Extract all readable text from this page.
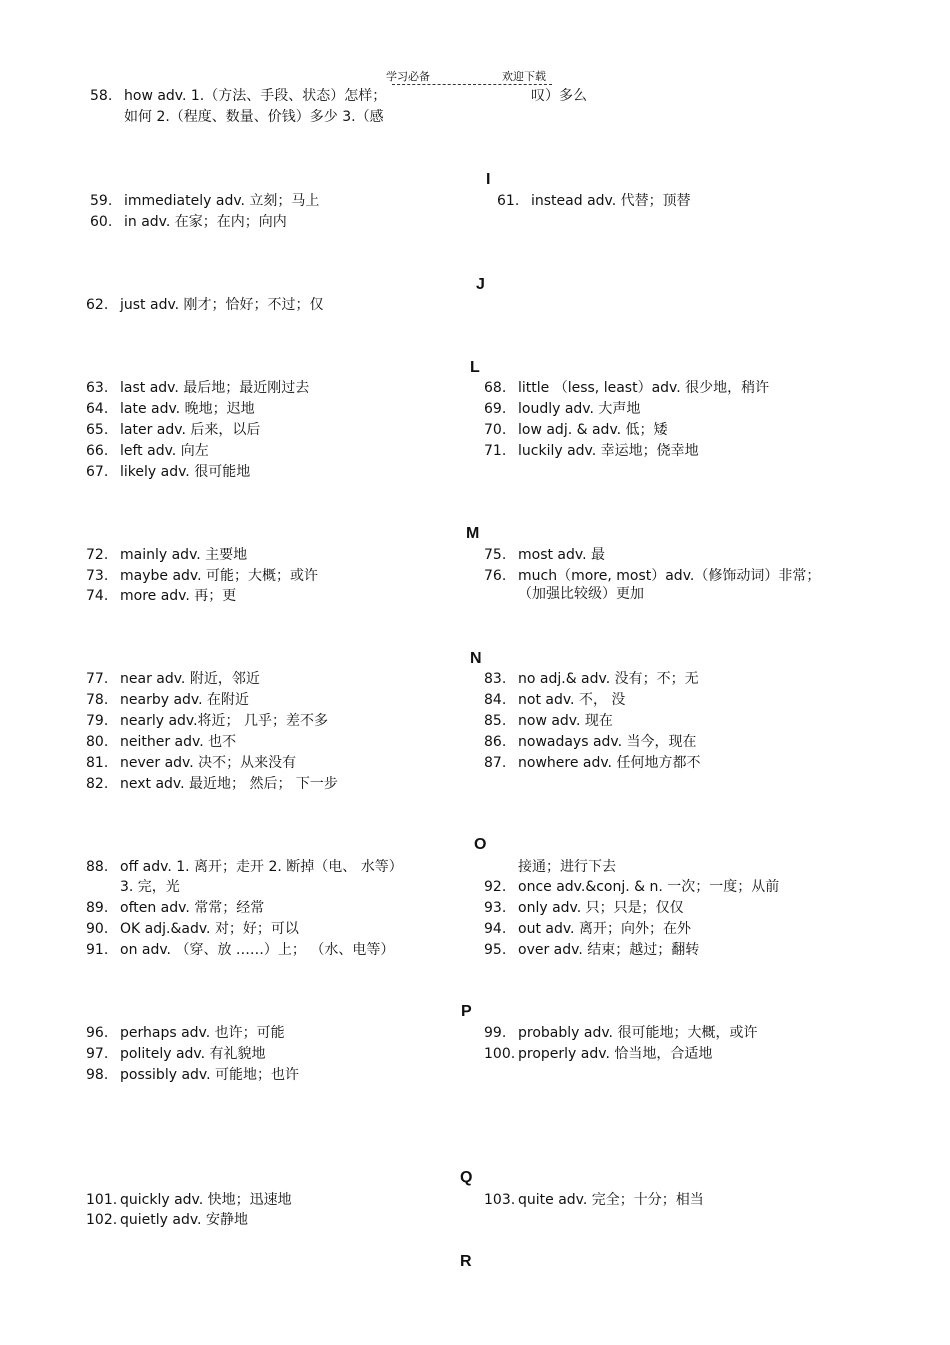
学习必备	欢迎下载
I
J
L
M
N
O
P
Q
R
58. how adv. 1.（方法、手段、状态）怎样；
如何 2.（程度、数量、价钱）多少 3.（感
叹）多么
59. immediately adv. 立刻；马上
60. in adv. 在家；在内；向内
61. instead adv. 代替；顶替
62. just adv. 刚才；恰好；不过；仅
63. last adv. 最后地；最近刚过去
64. late adv. 晚地；迟地
65. later adv. 后来，以后
66. left adv. 向左
67. likely adv. 很可能地
68. little （less, least）adv. 很少地，稍许
69. loudly adv. 大声地
70. low adj. & adv. 低；矮
71. luckily adv. 幸运地；侥幸地
72. mainly adv. 主要地
73. maybe adv. 可能；大概；或许
74. more adv. 再；更
75. most adv. 最
76. much（more, most）adv.（修饰动词）非常；
（加强比较级）更加
77. near adv. 附近，邻近
78. nearby adv. 在附近
79. nearly adv.将近； 几乎；差不多
80. neither adv. 也不
81. never adv. 决不；从来没有
82. next adv. 最近地； 然后； 下一步
83. no adj.& adv. 没有；不；无
84. not adv. 不， 没
85. now adv. 现在
86. nowadays adv. 当今，现在
87. nowhere adv. 任何地方都不
88. off adv. 1. 离开；走开 2. 断掉（电、 水等）
3. 完，光
接通；进行下去
89. often adv. 常常；经常
90. OK adj.&adv. 对；好；可以
91. on adv. （穿、放 ……）上； （水、电等）
92. once adv.&conj. & n. 一次；一度；从前
93. only adv. 只；只是；仅仅
94. out adv. 离开；向外；在外
95. over adv. 结束；越过；翻转
96. perhaps adv. 也许；可能
97. politely adv. 有礼貌地
98. possibly adv. 可能地；也许
99. probably adv. 很可能地；大概，或许
100. properly adv. 恰当地，合适地
101. quickly adv. 快地；迅速地
102. quietly adv. 安静地
103. quite adv. 完全；十分；相当
